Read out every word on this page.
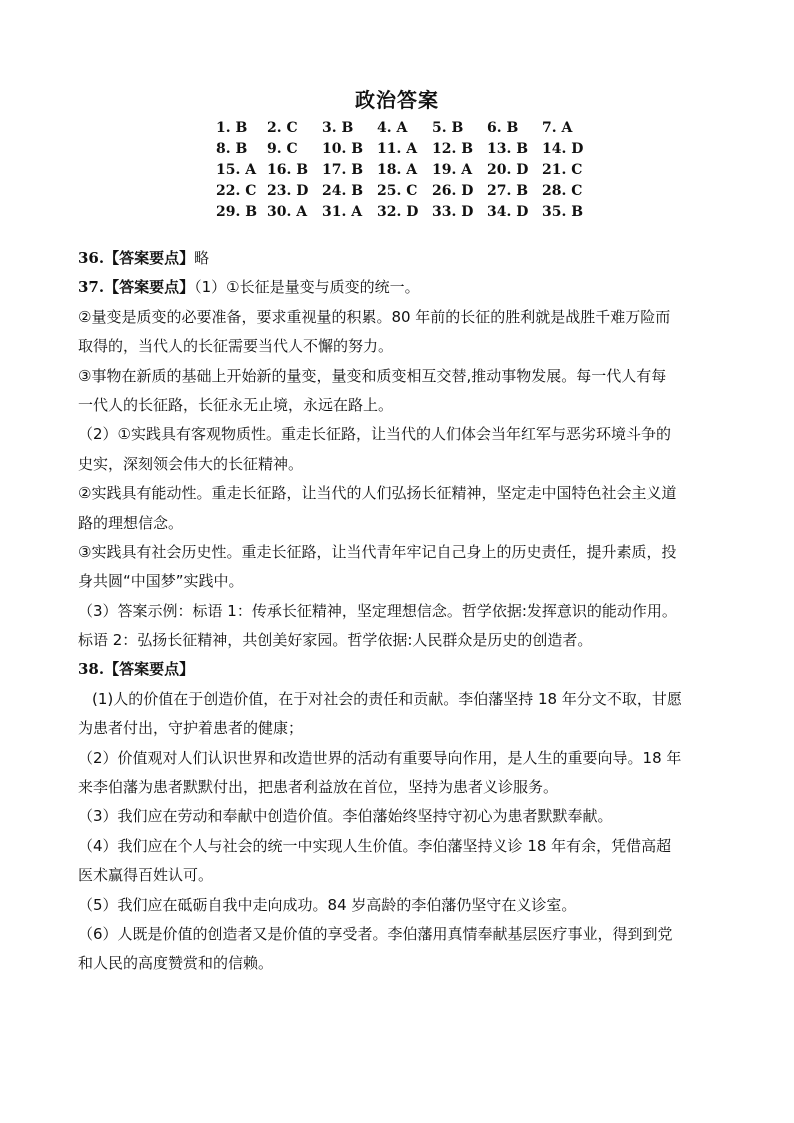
政治答案
1. B	2. C	3. B	4. A	5. B	6. B	7. A
8. B	9. C	10. B	11. A	12. B	13. B	14. D
15. A	16. B	17. B	18. A	19. A	20. D	21. C
22. C	23. D	24. B	25. C	26. D	27. B	28. C
29. B	30. A	31. A	32. D	33. D	34. D	35. B
36.【答案要点】略
37.【答案要点】（1）①长征是量变与质变的统一。
②量变是质变的必要准备，要求重视量的积累。80 年前的长征的胜利就是战胜千难万险而
取得的，当代人的长征需要当代人不懈的努力。
③事物在新质的基础上开始新的量变，量变和质变相互交替,推动事物发展。每一代人有每
一代人的长征路，长征永无止境，永远在路上。
（2）①实践具有客观物质性。重走长征路，让当代的人们体会当年红军与恶劣环境斗争的
史实，深刻领会伟大的长征精神。
②实践具有能动性。重走长征路，让当代的人们弘扬长征精神，坚定走中国特色社会主义道
路的理想信念。
③实践具有社会历史性。重走长征路，让当代青年牢记自己身上的历史责任，提升素质，投
身共圆“中国梦”实践中。
（3）答案示例：标语 1：传承长征精神，坚定理想信念。哲学依据:发挥意识的能动作用。
标语 2：弘扬长征精神，共创美好家园。哲学依据:人民群众是历史的创造者。
38.【答案要点】
(1)人的价值在于创造价值，在于对社会的责任和贡献。李伯藩坚持 18 年分文不取，甘愿
为患者付出，守护着患者的健康；
（2）价值观对人们认识世界和改造世界的活动有重要导向作用，是人生的重要向导。18 年
来李伯藩为患者默默付出，把患者利益放在首位，坚持为患者义诊服务。
（3）我们应在劳动和奉献中创造价值。李伯藩始终坚持守初心为患者默默奉献。
（4）我们应在个人与社会的统一中实现人生价值。李伯藩坚持义诊 18 年有余，凭借高超
医术赢得百姓认可。
（5）我们应在砥砺自我中走向成功。84 岁高龄的李伯藩仍坚守在义诊室。
（6）人既是价值的创造者又是价值的享受者。李伯藩用真情奉献基层医疗事业，得到到党
和人民的高度赞赏和的信赖。
